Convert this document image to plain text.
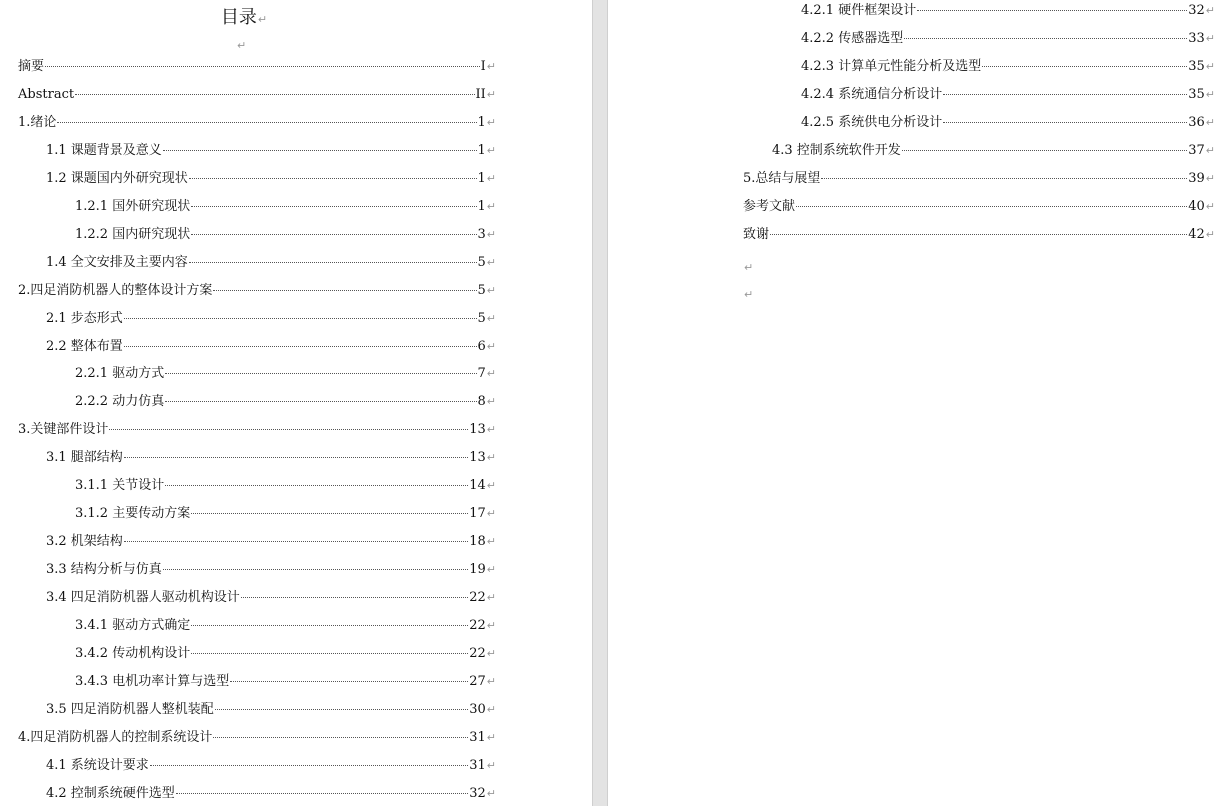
目录↵
↵
摘要	I ↵
Abstract	II ↵
1.绪论	1 ↵
1.1 课题背景及意义	1 ↵
1.2 课题国内外研究现状	1 ↵
1.2.1 国外研究现状	1 ↵
1.2.2 国内研究现状	3 ↵
1.4 全文安排及主要内容	5 ↵
2.四足消防机器人的整体设计方案	5 ↵
2.1 步态形式	5 ↵
2.2 整体布置	6 ↵
2.2.1 驱动方式	7 ↵
2.2.2 动力仿真	8 ↵
3.关键部件设计	13 ↵
3.1 腿部结构	13 ↵
3.1.1 关节设计	14 ↵
3.1.2 主要传动方案	17 ↵
3.2 机架结构	18 ↵
3.3 结构分析与仿真	19 ↵
3.4 四足消防机器人驱动机构设计	22 ↵
3.4.1 驱动方式确定	22 ↵
3.4.2 传动机构设计	22 ↵
3.4.3 电机功率计算与选型	27 ↵
3.5 四足消防机器人整机装配	30 ↵
4.四足消防机器人的控制系统设计	31 ↵
4.1 系统设计要求	31 ↵
4.2 控制系统硬件选型	32 ↵
4.2.1 硬件框架设计	32 ↵
4.2.2 传感器选型	33 ↵
4.2.3 计算单元性能分析及选型	35 ↵
4.2.4 系统通信分析设计	35 ↵
4.2.5 系统供电分析设计	36 ↵
4.3 控制系统软件开发	37 ↵
5.总结与展望	39 ↵
参考文献	40 ↵
致谢	42 ↵
↵
↵
